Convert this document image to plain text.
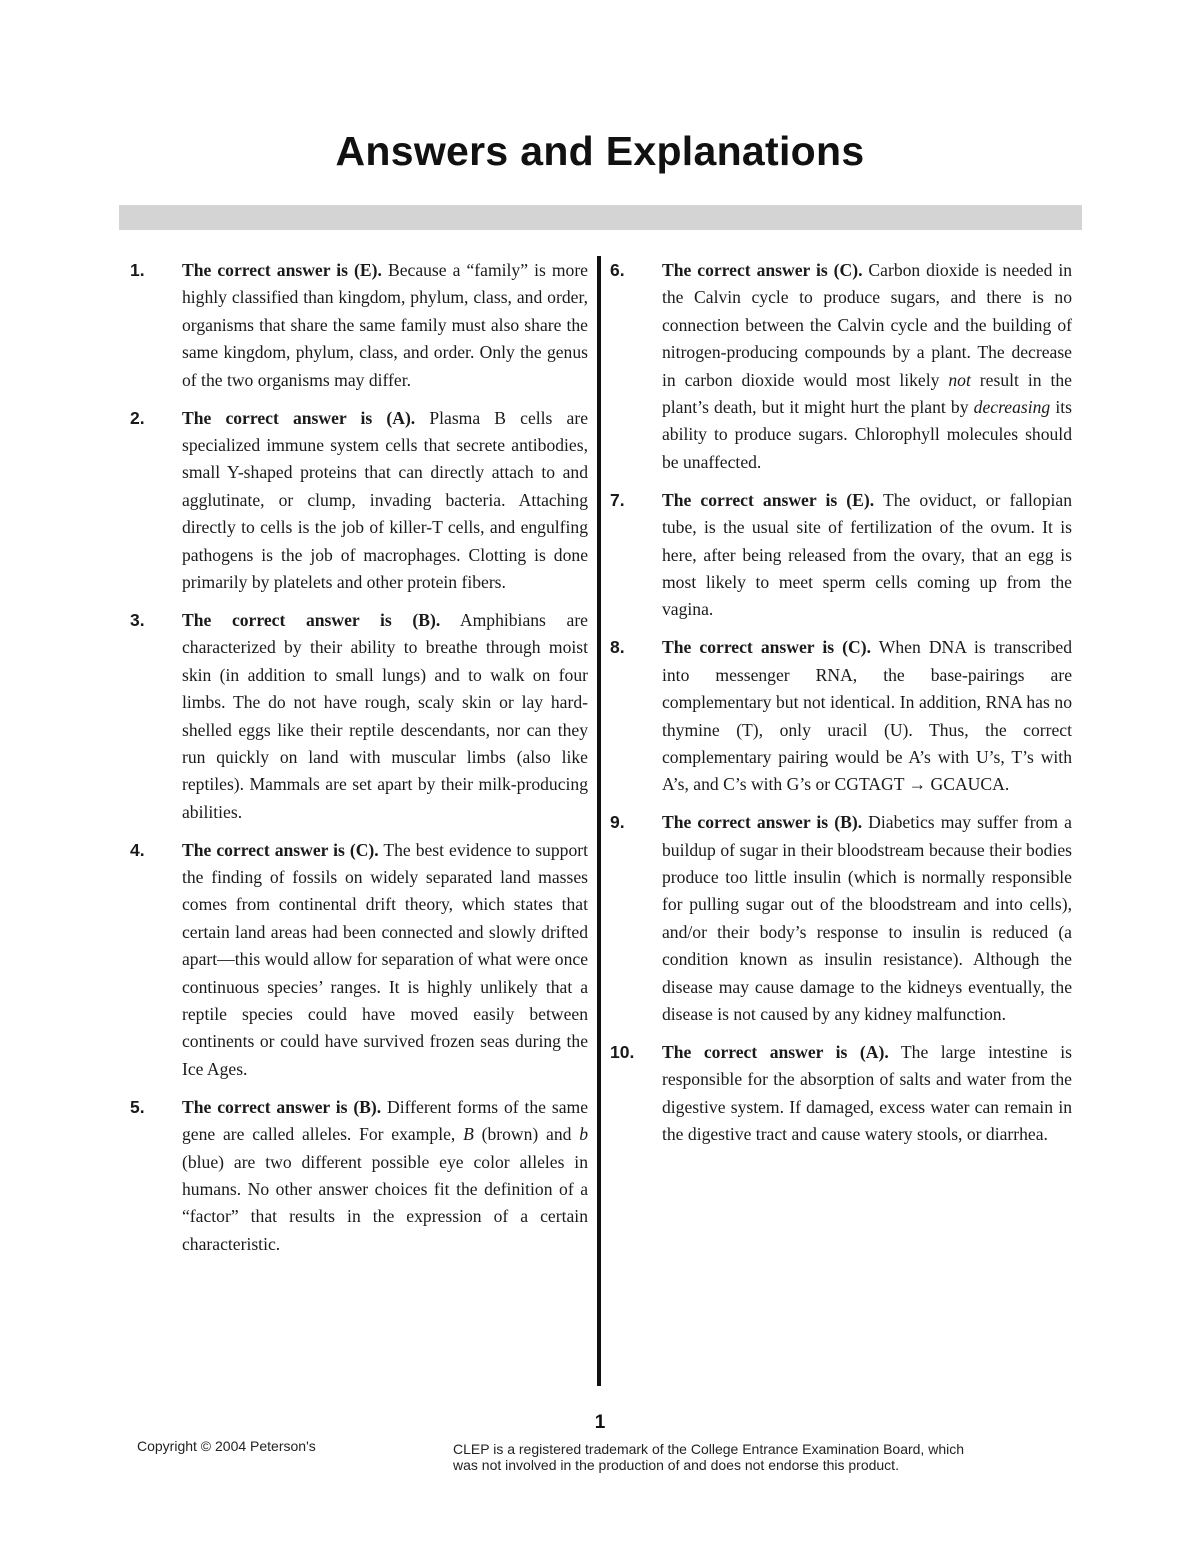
Answers and Explanations
1.	The correct answer is (E). Because a “family” is more highly classified than kingdom, phylum, class, and order, organisms that share the same family must also share the same kingdom, phylum, class, and order. Only the genus of the two organisms may differ.
2.	The correct answer is (A). Plasma B cells are specialized immune system cells that secrete antibodies, small Y-shaped proteins that can directly attach to and agglutinate, or clump, invading bacteria. Attaching directly to cells is the job of killer-T cells, and engulfing pathogens is the job of macrophages. Clotting is done primarily by platelets and other protein fibers.
3.	The correct answer is (B). Amphibians are characterized by their ability to breathe through moist skin (in addition to small lungs) and to walk on four limbs. The do not have rough, scaly skin or lay hard-shelled eggs like their reptile descendants, nor can they run quickly on land with muscular limbs (also like reptiles). Mammals are set apart by their milk-producing abilities.
4.	The correct answer is (C). The best evidence to support the finding of fossils on widely separated land masses comes from continental drift theory, which states that certain land areas had been connected and slowly drifted apart—this would allow for separation of what were once continuous species’ ranges. It is highly unlikely that a reptile species could have moved easily between continents or could have survived frozen seas during the Ice Ages.
5.	The correct answer is (B). Different forms of the same gene are called alleles. For example, B (brown) and b (blue) are two different possible eye color alleles in humans. No other answer choices fit the definition of a “factor” that results in the expression of a certain characteristic.
6.	The correct answer is (C). Carbon dioxide is needed in the Calvin cycle to produce sugars, and there is no connection between the Calvin cycle and the building of nitrogen-producing compounds by a plant. The decrease in carbon dioxide would most likely not result in the plant’s death, but it might hurt the plant by decreasing its ability to produce sugars. Chlorophyll molecules should be unaffected.
7.	The correct answer is (E). The oviduct, or fallopian tube, is the usual site of fertilization of the ovum. It is here, after being released from the ovary, that an egg is most likely to meet sperm cells coming up from the vagina.
8.	The correct answer is (C). When DNA is transcribed into messenger RNA, the base-pairings are complementary but not identical. In addition, RNA has no thymine (T), only uracil (U). Thus, the correct complementary pairing would be A’s with U’s, T’s with A’s, and C’s with G’s or CGTAGT → GCAUCA.
9.	The correct answer is (B). Diabetics may suffer from a buildup of sugar in their bloodstream because their bodies produce too little insulin (which is normally responsible for pulling sugar out of the bloodstream and into cells), and/or their body’s response to insulin is reduced (a condition known as insulin resistance). Although the disease may cause damage to the kidneys eventually, the disease is not caused by any kidney malfunction.
10.	The correct answer is (A). The large intestine is responsible for the absorption of salts and water from the digestive system. If damaged, excess water can remain in the digestive tract and cause watery stools, or diarrhea.
1
Copyright © 2004 Peterson's	CLEP is a registered trademark of the College Entrance Examination Board, which
was not involved in the production of and does not endorse this product.
